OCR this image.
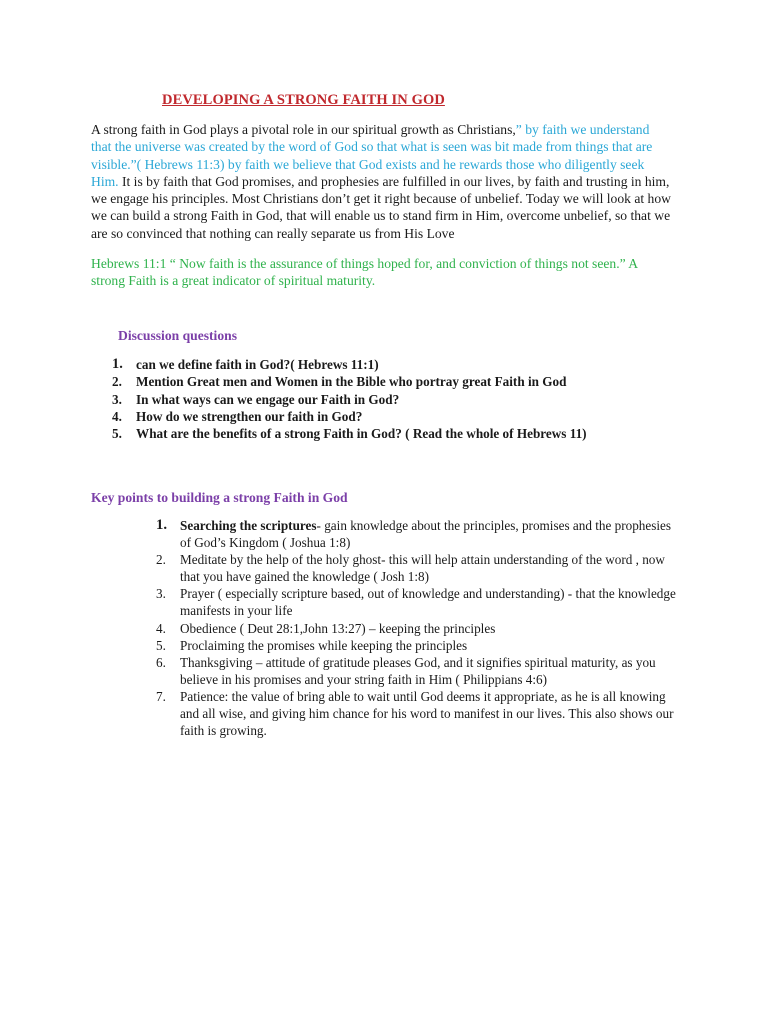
DEVELOPING A STRONG FAITH IN GOD

A strong faith in God plays a pivotal role in our spiritual growth as Christians,” by faith we understand that the universe was created by the word of God so that what is seen was bit made from things that are visible.”( Hebrews 11:3) by faith we believe that God exists and he rewards those who diligently seek Him. It is by faith that God promises, and prophesies are fulfilled in our lives, by faith and trusting in him, we engage his principles. Most Christians don’t get it right because of unbelief. Today we will look at how we can build a strong Faith in God, that will enable us to stand firm in Him, overcome unbelief, so that we are so convinced that nothing can really separate us from His Love

Hebrews 11:1 “ Now faith is the assurance of things hoped for, and conviction of things not seen.” A strong Faith is a great indicator of spiritual maturity.

Discussion questions
1.	can we define faith in God?( Hebrews 11:1)
2.	Mention Great men and Women in the Bible who portray great Faith in God
3.	In what ways can we engage our Faith in God?
4.	How do we strengthen our faith in God?
5.	What are the benefits of a strong Faith in God? ( Read the whole of Hebrews 11)
Key points to building a strong Faith in God
1. Searching the scriptures- gain knowledge about the principles, promises and the prophesies of God’s Kingdom ( Joshua 1:8)
2.	Meditate by the help of the holy ghost- this will help attain understanding of the word , now that you have gained the knowledge ( Josh 1:8)
3.	Prayer ( especially scripture based, out of knowledge and understanding) - that the knowledge manifests in your life
4.	Obedience ( Deut 28:1,John 13:27) – keeping the principles
5.	Proclaiming the promises while keeping the principles
6.	Thanksgiving – attitude of gratitude pleases God, and it signifies spiritual maturity, as you believe in his promises and your string faith in Him ( Philippians 4:6)
7.	Patience: the value of bring able to wait until God deems it appropriate, as he is all knowing and all wise, and giving him chance for his word to manifest in our lives. This also shows our faith is growing.
